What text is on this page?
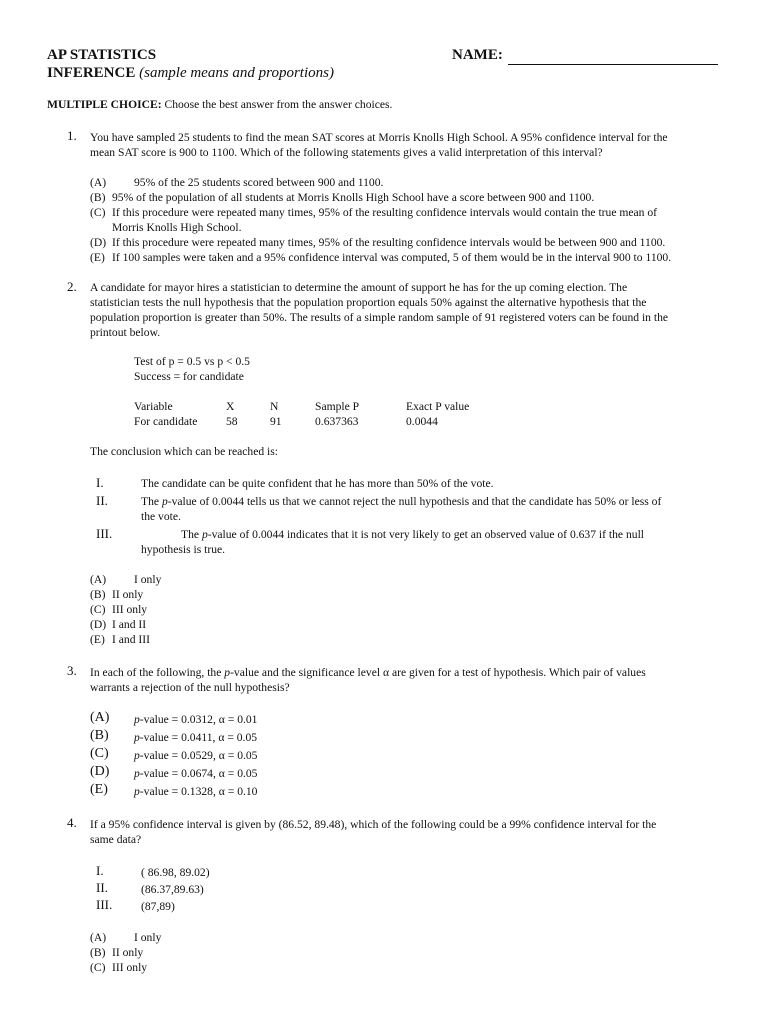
AP STATISTICS
INFERENCE (sample means and proportions)
NAME:
MULTIPLE CHOICE: Choose the best answer from the answer choices.
1. You have sampled 25 students to find the mean SAT scores at Morris Knolls High School. A 95% confidence interval for the
mean SAT score is 900 to 1100. Which of the following statements gives a valid interpretation of this interval?
(A) 95% of the 25 students scored between 900 and 1100.
(B) 95% of the population of all students at Morris Knolls High School have a score between 900 and 1100.
(C) If this procedure were repeated many times, 95% of the resulting confidence intervals would contain the true mean of
Morris Knolls High School.
(D) If this procedure were repeated many times, 95% of the resulting confidence intervals would be between 900 and 1100.
(E) If 100 samples were taken and a 95% confidence interval was computed, 5 of them would be in the interval 900 to 1100.
2. A candidate for mayor hires a statistician to determine the amount of support he has for the up coming election. The
statistician tests the null hypothesis that the population proportion equals 50% against the alternative hypothesis that the
population proportion is greater than 50%. The results of a simple random sample of 91 registered voters can be found in the
printout below.
Test of p = 0.5 vs p < 0.5
Success = for candidate
Variable	X	N	Sample P	Exact P value
For candidate 58	91	0.637363	0.0044
The conclusion which can be reached is:
I.	The candidate can be quite confident that he has more than 50% of the vote.
II.	The p-value of 0.0044 tells us that we cannot reject the null hypothesis and that the candidate has 50% or less of
the vote.
III.	The p-value of 0.0044 indicates that it is not very likely to get an observed value of 0.637 if the null
hypothesis is true.
(A) I only
(B) II only
(C) III only
(D) I and II
(E) I and III
3. In each of the following, the p-value and the significance level α are given for a test of hypothesis. Which pair of values
warrants a rejection of the null hypothesis?
(A) p-value = 0.0312, α = 0.01
(B) p-value = 0.0411, α = 0.05
(C) p-value = 0.0529, α = 0.05
(D) p-value = 0.0674, α = 0.05
(E) p-value = 0.1328, α = 0.10
4. If a 95% confidence interval is given by (86.52, 89.48), which of the following could be a 99% confidence interval for the
same data?
I.	( 86.98, 89.02)
II.	(86.37,89.63)
III. (87,89)
(A) I only
(B) II only
(C) III only
